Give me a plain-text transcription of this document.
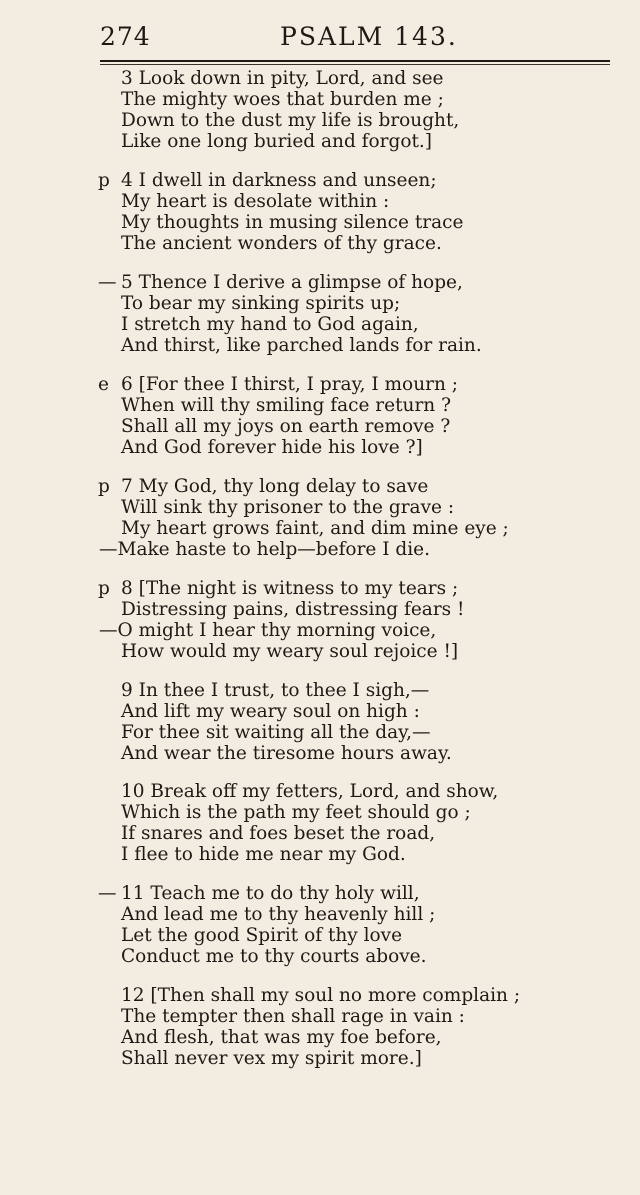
274	PSALM 143.
3 Look down in pity, Lord, and see
The mighty woes that burden me ;
Down to the dust my life is brought,
Like one long buried and forgot.]
p 4 I dwell in darkness and unseen;
My heart is desolate within :
My thoughts in musing silence trace
The ancient wonders of thy grace.
— 5 Thence I derive a glimpse of hope,
To bear my sinking spirits up;
I stretch my hand to God again,
And thirst, like parched lands for rain.
e 6 [For thee I thirst, I pray, I mourn ;
When will thy smiling face return ?
Shall all my joys on earth remove ?
And God forever hide his love ?]
p 7 My God, thy long delay to save
Will sink thy prisoner to the grave :
My heart grows faint, and dim mine eye ;
—Make haste to help—before I die.
p 8 [The night is witness to my tears ;
Distressing pains, distressing fears !
—O might I hear thy morning voice,
How would my weary soul rejoice !]
9 In thee I trust, to thee I sigh,—
And lift my weary soul on high :
For thee sit waiting all the day,—
And wear the tiresome hours away.
10 Break off my fetters, Lord, and show,
Which is the path my feet should go ;
If snares and foes beset the road,
I flee to hide me near my God.
— 11 Teach me to do thy holy will,
And lead me to thy heavenly hill ;
Let the good Spirit of thy love
Conduct me to thy courts above.
12 [Then shall my soul no more complain ;
The tempter then shall rage in vain :
And flesh, that was my foe before,
Shall never vex my spirit more.]
